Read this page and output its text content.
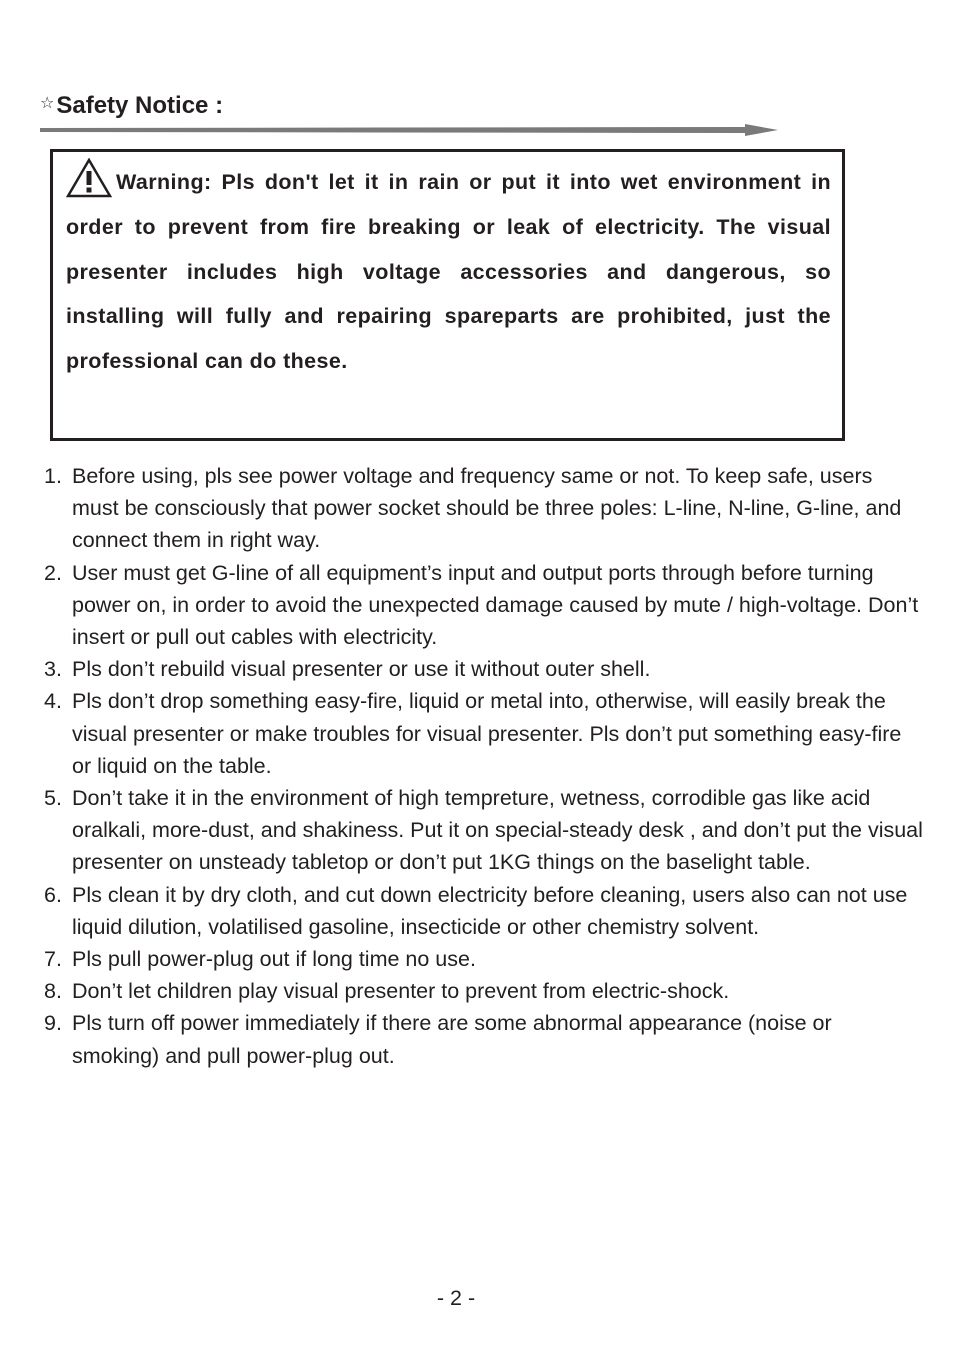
☆ Safety Notice :

Warning: Pls don't let it in rain or put it into wet environment in order to prevent from fire breaking or leak of electricity. The visual presenter includes high voltage accessories and dangerous, so installing will fully and repairing spareparts are prohibited, just the professional can do these.

1. Before using, pls see power voltage and frequency same or not. To keep safe, users must be consciously that power socket should be three poles: L-line, N-line, G-line, and connect them in right way.
2. User must get G-line of all equipment’s input and output ports through before turning power on, in order to avoid the unexpected damage caused by mute / high-voltage. Don’t insert or pull out cables with electricity.
3. Pls don’t rebuild visual presenter or use it without outer shell.
4. Pls don’t drop something easy-fire, liquid or metal into, otherwise, will easily break the visual presenter or make troubles for visual presenter. Pls don’t put something easy-fire or liquid on the table.
5. Don’t take it in the environment of high tempreture, wetness, corrodible gas like acid oralkali, more-dust, and shakiness. Put it on special-steady desk , and don’t put the visual presenter on unsteady tabletop or don’t put 1KG things on the baselight table.
6. Pls clean it by dry cloth, and cut down electricity before cleaning, users also can not use liquid dilution, volatilised gasoline, insecticide or other chemistry solvent.
7. Pls pull power-plug out if long time no use.
8. Don’t let children play visual presenter to prevent from electric-shock.
9. Pls turn off power immediately if there are some abnormal appearance (noise or smoking) and pull power-plug out.
- 2 -
